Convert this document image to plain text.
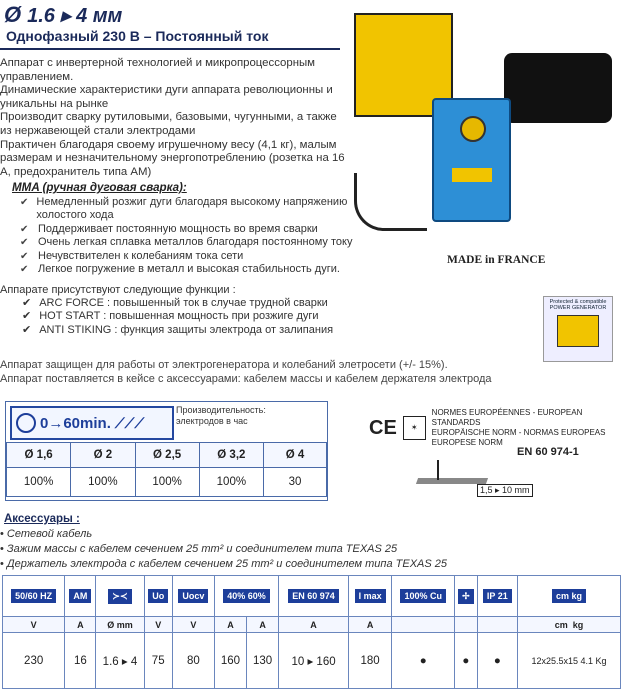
Ø 1.6 ▸ 4 мм
Однофазный 230 В – Постоянный ток

Аппарат с инвертерной технологией и микропроцессорным управлением.

Динамические характеристики дуги аппарата революционны и уникальны на рынке

Производит сварку рутиловыми, базовыми, чугунными, а также из нержавеющей стали электродами

Практичен благодаря своему игрушечному весу (4,1 кг), малым размерам и незначительному энергопотреблению (розетка на 16 А, предохранитель типа АМ)

MMA (ручная дуговая сварка):
✔ Немедленный розжиг дуги благодаря высокому напряжению холостого хода
✔ Поддерживает постоянную мощность во время сварки
✔ Очень легкая сплавка металлов благодаря постоянному току
✔ Нечувствителен к колебаниям тока сети
✔ Легкое погружение в металл и высокая стабильность дуги.
MADE in FRANCE
Protected & compatible POWER GENERATOR
Аппарате присутствуют следующие функции :
✔ ARC FORCE : повышенный ток в случае трудной сварки
✔ HOT START : повышенная мощность при розжиге дуги
✔ ANTI STIKING : функция защиты электрода от залипания
Аппарат защищен для работы от электрогенератора и колебаний элетросети (+/- 15%).
Аппарат поставляется в кейсе с аксессуарами: кабелем массы и кабелем держателя электрода
0→60min. ⟋⟋⟋
Производительность: электродов в час
Ø 1,6	Ø 2	Ø 2,5	Ø 3,2	Ø 4
100%	100%	100%	100%	30
CE	✶
NORMES EUROPÉENNES - EUROPEAN STANDARDS
EUROPÄISCHE NORM - NORMAS EUROPEAS
EUROPESE NORM
EN 60 974-1
1,5 ▸ 10 mm
Аксессуары :
• Сетевой кабель
• Зажим массы с кабелем сечением 25 mm² и соединителем типа TEXAS 25
• Держатель электрода с кабелем сечением 25 mm² и соединителем типа TEXAS 25
50/60 HZ	AM	≻≺	Uo	Uocv	40% 60%		EN 60 974	I max	100% Cu	✢	IP 21	cm kg
V	A	Ø mm	V	V	A	A	A	A				cm  kg
230	16	1.6 ▸ 4	75	80	160	130	10 ▸ 160	180	●	●	●	12x25.5x15 4.1 Kg
